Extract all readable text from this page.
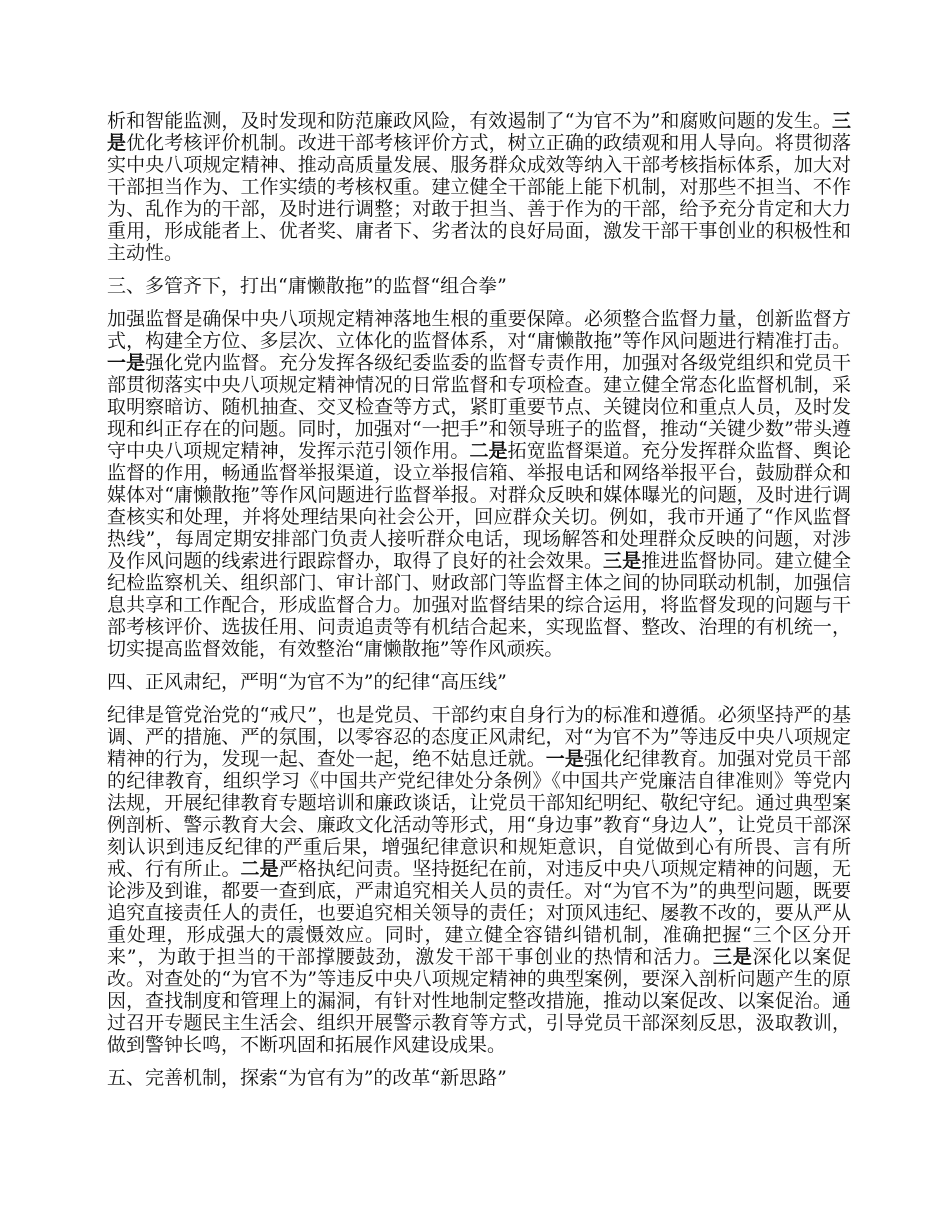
析和智能监测，及时发现和防范廉政风险，有效遏制了“为官不为”和腐败问题的发生。三是优化考核评价机制。改进干部考核评价方式，树立正确的政绩观和用人导向。将贯彻落实中央八项规定精神、推动高质量发展、服务群众成效等纳入干部考核指标体系，加大对干部担当作为、工作实绩的考核权重。建立健全干部能上能下机制，对那些不担当、不作为、乱作为的干部，及时进行调整；对敢于担当、善于作为的干部，给予充分肯定和大力重用，形成能者上、优者奖、庸者下、劣者汰的良好局面，激发干部干事创业的积极性和主动性。

三、多管齐下，打出“庸懒散拖”的监督“组合拳”

加强监督是确保中央八项规定精神落地生根的重要保障。必须整合监督力量，创新监督方式，构建全方位、多层次、立体化的监督体系，对“庸懒散拖”等作风问题进行精准打击。一是强化党内监督。充分发挥各级纪委监委的监督专责作用，加强对各级党组织和党员干部贯彻落实中央八项规定精神情况的日常监督和专项检查。建立健全常态化监督机制，采取明察暗访、随机抽查、交叉检查等方式，紧盯重要节点、关键岗位和重点人员，及时发现和纠正存在的问题。同时，加强对“一把手”和领导班子的监督，推动“关键少数”带头遵守中央八项规定精神，发挥示范引领作用。二是拓宽监督渠道。充分发挥群众监督、舆论监督的作用，畅通监督举报渠道，设立举报信箱、举报电话和网络举报平台，鼓励群众和媒体对“庸懒散拖”等作风问题进行监督举报。对群众反映和媒体曝光的问题，及时进行调查核实和处理，并将处理结果向社会公开，回应群众关切。例如，我市开通了“作风监督热线”，每周定期安排部门负责人接听群众电话，现场解答和处理群众反映的问题，对涉及作风问题的线索进行跟踪督办，取得了良好的社会效果。三是推进监督协同。建立健全纪检监察机关、组织部门、审计部门、财政部门等监督主体之间的协同联动机制，加强信息共享和工作配合，形成监督合力。加强对监督结果的综合运用，将监督发现的问题与干部考核评价、选拔任用、问责追责等有机结合起来，实现监督、整改、治理的有机统一，切实提高监督效能，有效整治“庸懒散拖”等作风顽疾。

四、正风肃纪，严明“为官不为”的纪律“高压线”

纪律是管党治党的“戒尺”，也是党员、干部约束自身行为的标准和遵循。必须坚持严的基调、严的措施、严的氛围，以零容忍的态度正风肃纪，对“为官不为”等违反中央八项规定精神的行为，发现一起、查处一起，绝不姑息迁就。一是强化纪律教育。加强对党员干部的纪律教育，组织学习《中国共产党纪律处分条例》《中国共产党廉洁自律准则》等党内法规，开展纪律教育专题培训和廉政谈话，让党员干部知纪明纪、敬纪守纪。通过典型案例剖析、警示教育大会、廉政文化活动等形式，用“身边事”教育“身边人”，让党员干部深刻认识到违反纪律的严重后果，增强纪律意识和规矩意识，自觉做到心有所畏、言有所戒、行有所止。二是严格执纪问责。坚持挺纪在前，对违反中央八项规定精神的问题，无论涉及到谁，都要一查到底，严肃追究相关人员的责任。对“为官不为”的典型问题，既要追究直接责任人的责任，也要追究相关领导的责任；对顶风违纪、屡教不改的，要从严从重处理，形成强大的震慑效应。同时，建立健全容错纠错机制，准确把握“三个区分开来”，为敢于担当的干部撑腰鼓劲，激发干部干事创业的热情和活力。三是深化以案促改。对查处的“为官不为”等违反中央八项规定精神的典型案例，要深入剖析问题产生的原因，查找制度和管理上的漏洞，有针对性地制定整改措施，推动以案促改、以案促治。通过召开专题民主生活会、组织开展警示教育等方式，引导党员干部深刻反思，汲取教训，做到警钟长鸣，不断巩固和拓展作风建设成果。

五、完善机制，探索“为官有为”的改革“新思路”
